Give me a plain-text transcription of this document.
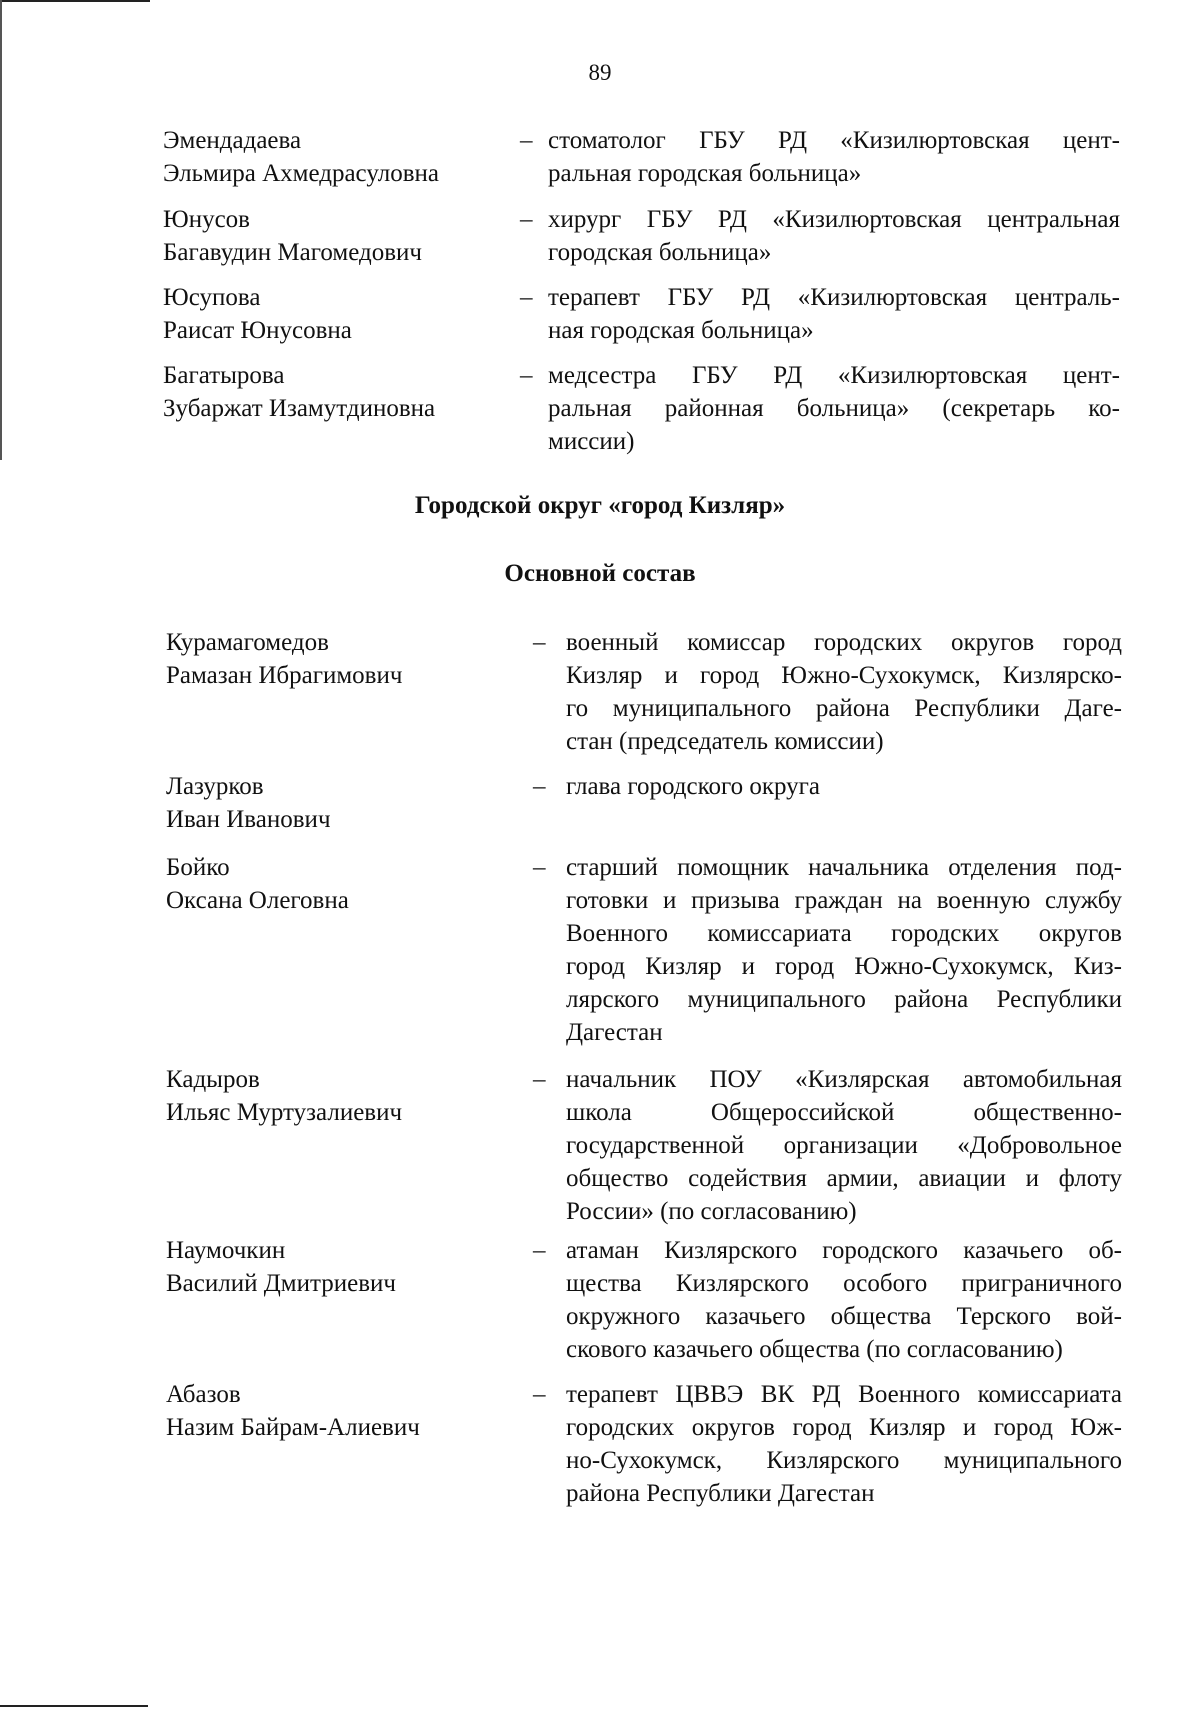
89
Эмендадаева
Эльмира Ахмедрасуловна
– стоматолог ГБУ РД «Кизилюртовская цент-
ральная городская больница»
Юнусов
Багавудин Магомедович
– хирург ГБУ РД «Кизилюртовская центральная
городская больница»
Юсупова
Раисат Юнусовна
– терапевт ГБУ РД «Кизилюртовская централь-
ная городская больница»
Багатырова
Зубаржат Изамутдиновна
– медсестра ГБУ РД «Кизилюртовская цент-
ральная районная больница» (секретарь ко-
миссии)
Городской округ «город Кизляр»
Основной состав
Курамагомедов
Рамазан Ибрагимович
– военный комиссар городских округов город
Кизляр и город Южно-Сухокумск, Кизлярско-
го муниципального района Республики Даге-
стан (председатель комиссии)
Лазурков
Иван Иванович
– глава городского округа
Бойко
Оксана Олеговна
– старший помощник начальника отделения под-
готовки и призыва граждан на военную службу
Военного комиссариата городских округов
город Кизляр и город Южно-Сухокумск, Киз-
лярского муниципального района Республики
Дагестан
Кадыров
Ильяс Муртузалиевич
– начальник ПОУ «Кизлярская автомобильная
школа Общероссийской общественно-
государственной организации «Добровольное
общество содействия армии, авиации и флоту
России» (по согласованию)
Наумочкин
Василий Дмитриевич
– атаман Кизлярского городского казачьего об-
щества Кизлярского особого приграничного
окружного казачьего общества Терского вой-
скового казачьего общества (по согласованию)
Абазов
Назим Байрам-Алиевич
– терапевт ЦВВЭ ВК РД Военного комиссариата
городских округов город Кизляр и город Юж-
но-Сухокумск, Кизлярского муниципального
района Республики Дагестан
